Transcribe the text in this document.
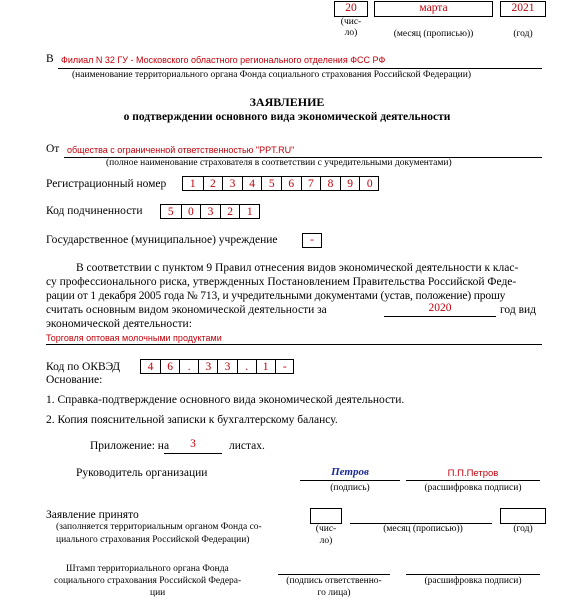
20	марта	2021
(чис-
ло)	(месяц (прописью))	(год)
В Филиал N 32 ГУ - Московского областного регионального отделения ФСС РФ
(наименование территориального органа Фонда социального страхования Российской Федерации)
ЗАЯВЛЕНИЕ
о подтверждении основного вида экономической деятельности
От общества с ограниченной ответственностью "PPT.RU"
(полное наименование страхователя в соответствии с учредительными документами)
Регистрационный номер	1	2	3	4	5	6	7	8	9	0
Код подчиненности	5	0	3	2	1
Государственное (муниципальное) учреждение	-
В соответствии с пунктом 9 Правил отнесения видов экономической деятельности к клас-
су профессионального риска, утвержденных Постановлением Правительства Российской Феде-
рации от 1 декабря 2005 года № 713, и учредительными документами (устав, положение) прошу
считать основным видом экономической деятельности за	2020	год вид
экономической деятельности:
Торговля оптовая молочными продуктами
Код по ОКВЭД	4	6	.	3	3	.	1	-
Основание:
1. Справка-подтверждение основного вида экономической деятельности.
2. Копия пояснительной записки к бухгалтерскому балансу.
Приложение: на	3	листах.
Руководитель организации	Петров	П.П.Петров
(подпись)	(расшифровка подписи)
Заявление принято
(заполняется территориальным органом Фонда со-
циального страхования Российской Федерации)
(чис-
ло)
(месяц (прописью))	(год)
Штамп территориального органа Фонда
социального страхования Российской Федера-
ции
(подпись ответственно-
го лица)
(расшифровка подписи)
